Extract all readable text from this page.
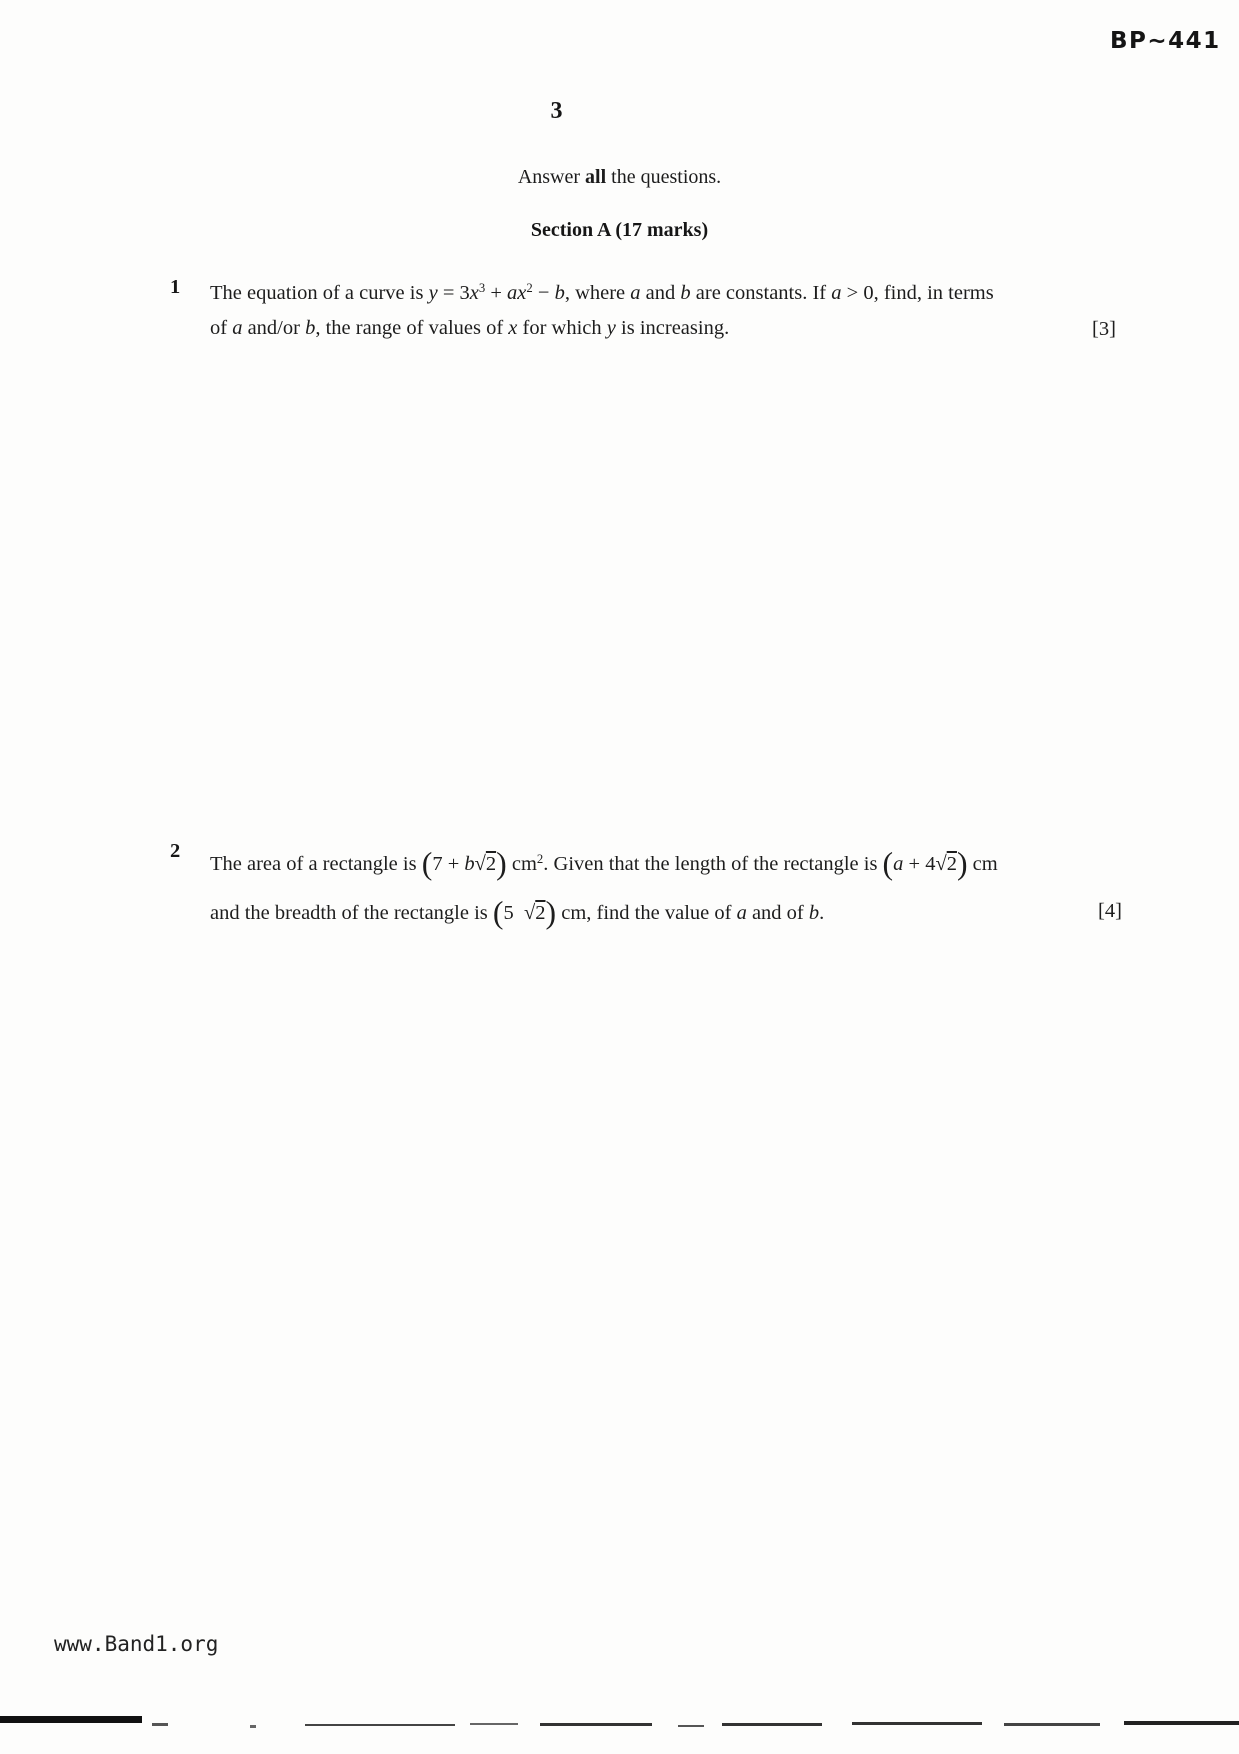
BP~441
3
Answer all the questions.
Section A (17 marks)
1	The equation of a curve is $y = 3x^3 + ax^2 - b$, where a and b are constants. If a > 0, find, in terms
of a and/or b, the range of values of x for which y is increasing.	[3]
2
The area of a rectangle is (7 + b√2) $cm^2$. Given that the length of the rectangle is (a + 4√2) cm
and the breadth of the rectangle is (5  √2) cm, find the value of a and of b.	[4]
www.Band1.org
